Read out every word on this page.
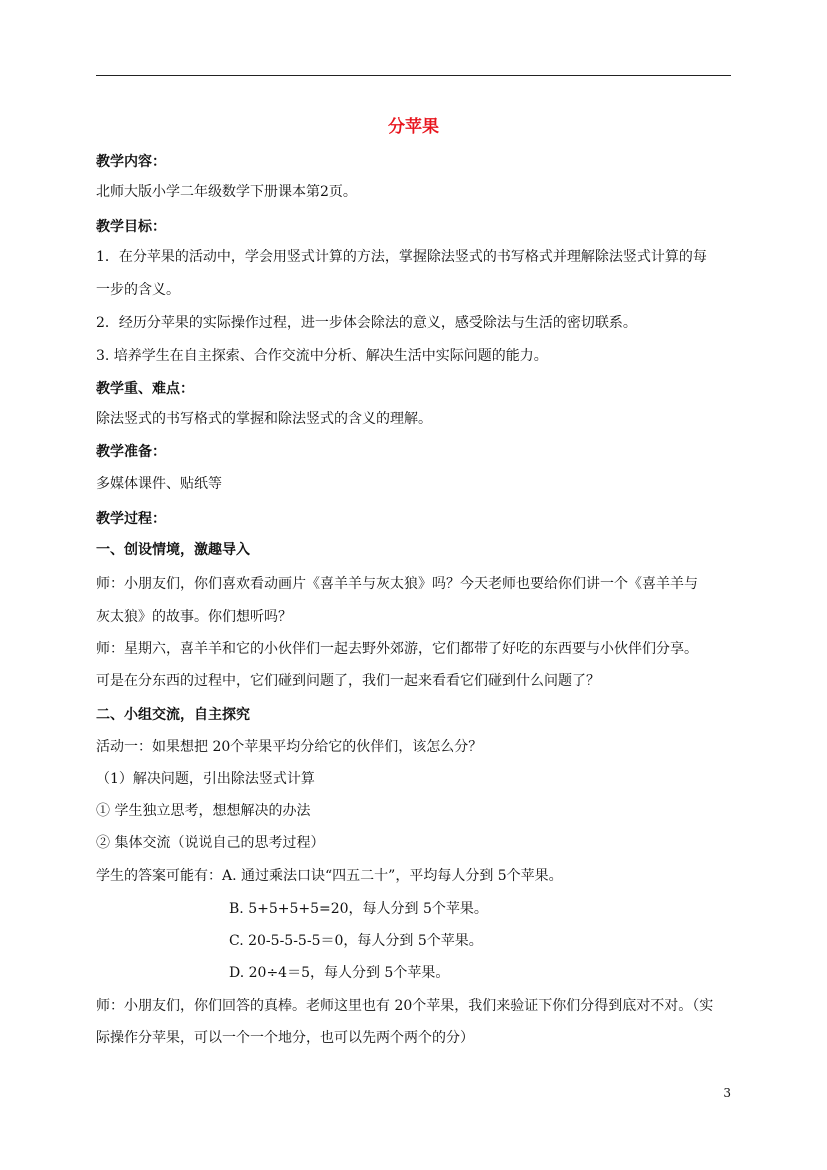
分苹果
教学内容：
北师大版小学二年级数学下册课本第2页。
教学目标：
1．在分苹果的活动中，学会用竖式计算的方法，掌握除法竖式的书写格式并理解除法竖式计算的每
一步的含义。
2．经历分苹果的实际操作过程，进一步体会除法的意义，感受除法与生活的密切联系。
3. 培养学生在自主探索、合作交流中分析、解决生活中实际问题的能力。
教学重、难点：
除法竖式的书写格式的掌握和除法竖式的含义的理解。
教学准备：
多媒体课件、贴纸等
教学过程：
一、创设情境，激趣导入
师：小朋友们，你们喜欢看动画片《喜羊羊与灰太狼》吗？今天老师也要给你们讲一个《喜羊羊与
灰太狼》的故事。你们想听吗？
师：星期六，喜羊羊和它的小伙伴们一起去野外郊游，它们都带了好吃的东西要与小伙伴们分享。
可是在分东西的过程中，它们碰到问题了，我们一起来看看它们碰到什么问题了？
二、小组交流，自主探究
活动一：如果想把 20个苹果平均分给它的伙伴们，该怎么分？
（1）解决问题，引出除法竖式计算
① 学生独立思考，想想解决的办法
② 集体交流（说说自己的思考过程）
学生的答案可能有：A. 通过乘法口诀“四五二十”，平均每人分到 5个苹果。
B. 5+5+5+5=20，每人分到 5个苹果。
C. 20-5-5-5-5＝0，每人分到 5个苹果。
D. 20÷4＝5，每人分到 5个苹果。
师：小朋友们，你们回答的真棒。老师这里也有 20个苹果，我们来验证下你们分得到底对不对。（实
际操作分苹果，可以一个一个地分，也可以先两个两个的分）
3
